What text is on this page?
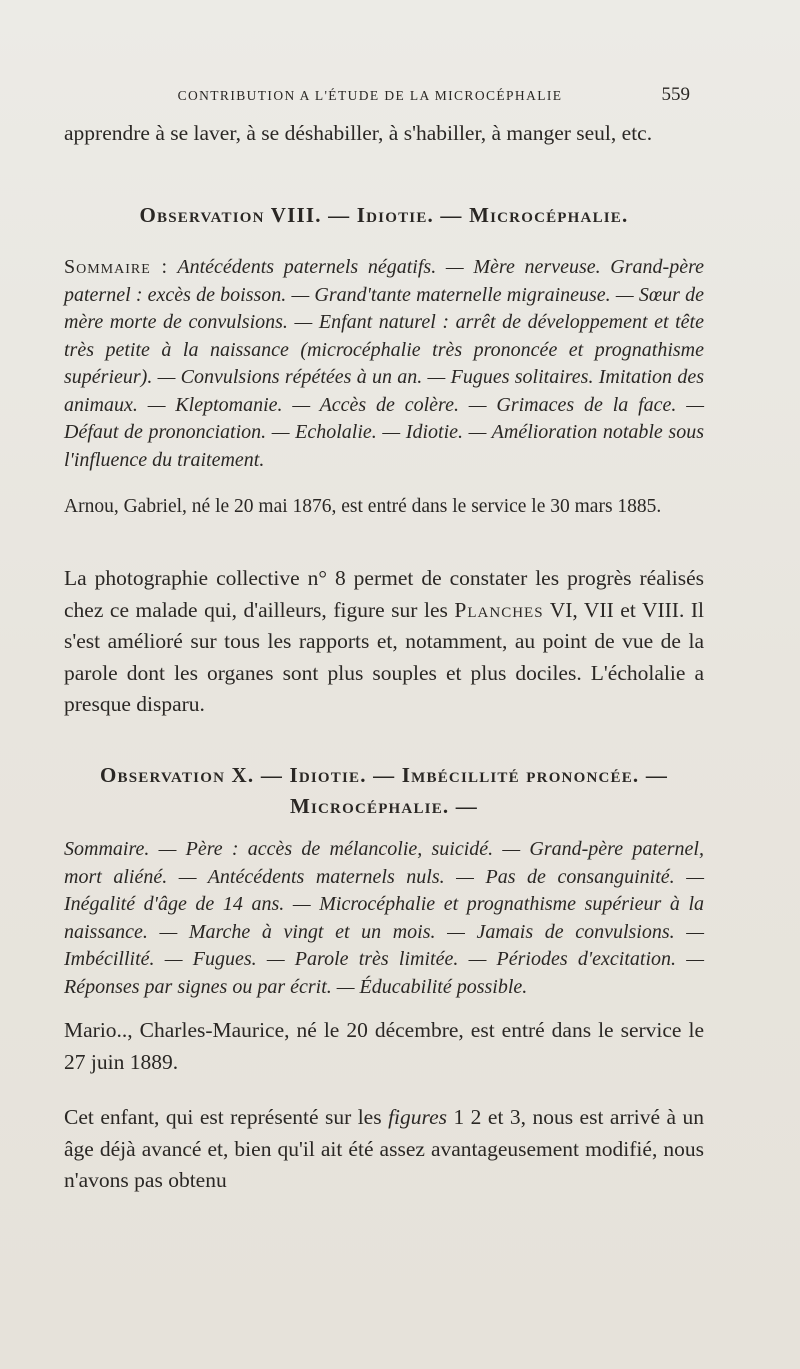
CONTRIBUTION A L'ÉTUDE DE LA MICROCÉPHALIE	559

apprendre à se laver, à se déshabiller, à s'habiller, à manger seul, etc.

Observation VIII. — Idiotie. — Microcéphalie.

Sommaire : Antécédents paternels négatifs. — Mère nerveuse. Grand-père paternel : excès de boisson. — Grand'tante maternelle migraineuse. — Sœur de mère morte de convulsions. — Enfant naturel : arrêt de développement et tête très petite à la naissance (microcéphalie très prononcée et prognathisme supérieur). — Convulsions répétées à un an. — Fugues solitaires. Imitation des animaux. — Kleptomanie. — Accès de colère. — Grimaces de la face. — Défaut de prononciation. — Echolalie. — Idiotie. — Amélioration notable sous l'influence du traitement.

Arnou, Gabriel, né le 20 mai 1876, est entré dans le service le 30 mars 1885.

La photographie collective n° 8 permet de constater les progrès réalisés chez ce malade qui, d'ailleurs, figure sur les Planches VI, VII et VIII. Il s'est amélioré sur tous les rapports et, notamment, au point de vue de la parole dont les organes sont plus souples et plus dociles. L'écholalie a presque disparu.

Observation X. — Idiotie. — Imbécillité prononcée. —
Microcéphalie. —

Sommaire. — Père : accès de mélancolie, suicidé. — Grand-père paternel, mort aliéné. — Antécédents maternels nuls. — Pas de consanguinité. — Inégalité d'âge de 14 ans. — Microcéphalie et prognathisme supérieur à la naissance. — Marche à vingt et un mois. — Jamais de convulsions. — Imbécillité. — Fugues. — Parole très limitée. — Périodes d'excitation. — Réponses par signes ou par écrit. — Éducabilité possible.

Mario.., Charles-Maurice, né le 20 décembre, est entré dans le service le 27 juin 1889.

Cet enfant, qui est représenté sur les figures 1 2 et 3, nous est arrivé à un âge déjà avancé et, bien qu'il ait été assez avantageusement modifié, nous n'avons pas obtenu
